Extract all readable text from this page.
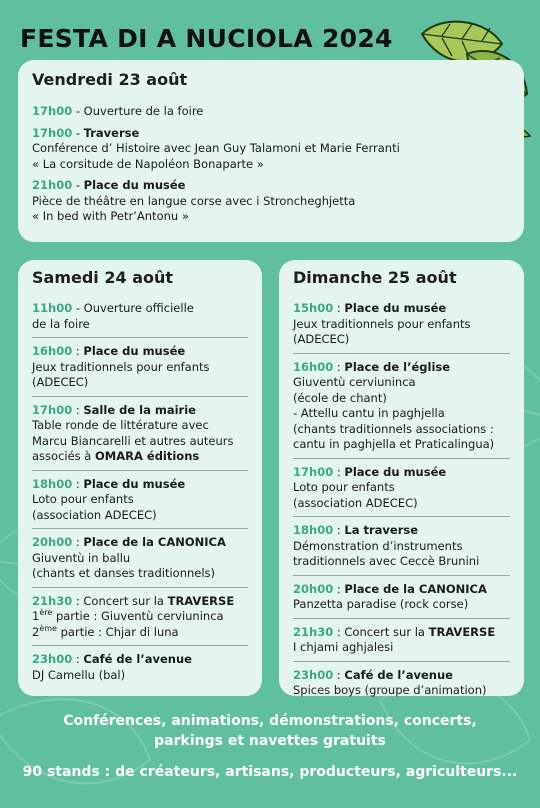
FESTA DI A NUCIOLA 2024
Vendredi 23 août
17h00 - Ouverture de la foire
17h00 - Traverse
Conférence d’ Histoire avec Jean Guy Talamoni et Marie Ferranti
« La corsitude de Napoléon Bonaparte »
21h00 - Place du musée
Pièce de théâtre en langue corse avec i Stroncheghjetta
« In bed with Petr’Antonu »
Samedi 24 août
11h00 - Ouverture officielle
de la foire
16h00 : Place du musée
Jeux traditionnels pour enfants
(ADECEC)
17h00 : Salle de la mairie
Table ronde de littérature avec
Marcu Biancarelli et autres auteurs
associés à OMARA éditions
18h00 : Place du musée
Loto pour enfants
(association ADECEC)
20h00 : Place de la CANONICA
Giuventù in ballu
(chants et danses traditionnels)
21h30 : Concert sur la TRAVERSE
1ère partie : Giuventù cerviuninca
2ème partie : Chjar di luna
23h00 : Café de l’avenue
DJ Camellu (bal)
Dimanche 25 août
15h00 : Place du musée
Jeux traditionnels pour enfants
(ADECEC)
16h00 : Place de l’église
Giuventù cerviuninca
(école de chant)
- Attellu cantu in paghjella
(chants traditionnels associations :
cantu in paghjella et Praticalingua)
17h00 : Place du musée
Loto pour enfants
(association ADECEC)
18h00 : La traverse
Démonstration d’instruments
traditionnels avec Ceccè Brunini
20h00 : Place de la CANONICA
Panzetta paradise (rock corse)
21h30 : Concert sur la TRAVERSE
I chjami aghjalesi
23h00 : Café de l’avenue
Spices boys (groupe d’animation)
Conférences, animations, démonstrations, concerts,
parkings et navettes gratuits
90 stands : de créateurs, artisans, producteurs, agriculteurs...
